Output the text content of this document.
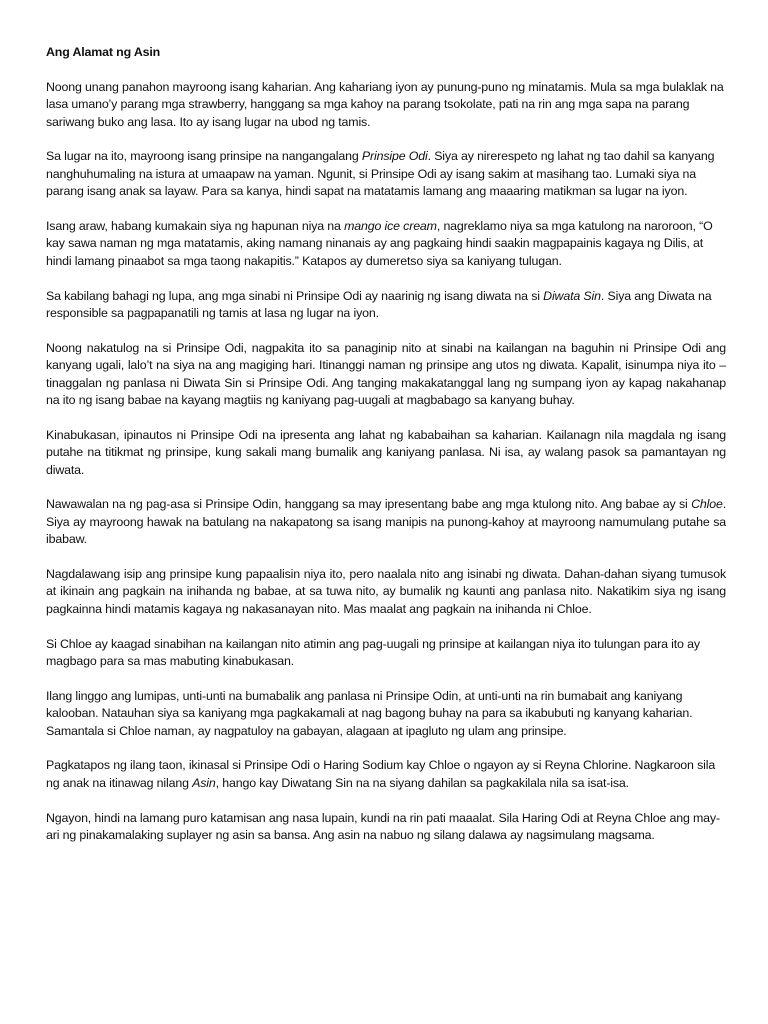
Ang Alamat ng Asin

Noong unang panahon mayroong isang kaharian. Ang kahariang iyon ay punung-puno ng minatamis. Mula sa mga bulaklak na lasa umano’y parang mga strawberry, hanggang sa mga kahoy na parang tsokolate, pati na rin ang mga sapa na parang sariwang buko ang lasa. Ito ay isang lugar na ubod ng tamis.

Sa lugar na ito, mayroong isang prinsipe na nangangalang Prinsipe Odi. Siya ay nirerespeto ng lahat ng tao dahil sa kanyang nanghuhumaling na istura at umaapaw na yaman. Ngunit, si Prinsipe Odi ay isang sakim at masihang tao. Lumaki siya na parang isang anak sa layaw. Para sa kanya, hindi sapat na matatamis lamang ang maaaring matikman sa lugar na iyon.

Isang araw, habang kumakain siya ng hapunan niya na mango ice cream, nagreklamo niya sa mga katulong na naroroon, “O kay sawa naman ng mga matatamis, aking namang ninanais ay ang pagkaing hindi saakin magpapainis kagaya ng Dilis, at hindi lamang pinaabot sa mga taong nakapitis.” Katapos ay dumeretso siya sa kaniyang tulugan.

Sa kabilang bahagi ng lupa, ang mga sinabi ni Prinsipe Odi ay naarinig ng isang diwata na si Diwata Sin. Siya ang Diwata na responsible sa pagpapanatili ng tamis at lasa ng lugar na iyon.

Noong nakatulog na si Prinsipe Odi, nagpakita ito sa panaginip nito at sinabi na kailangan na baguhin ni Prinsipe Odi ang kanyang ugali, lalo’t na siya na ang magiging hari. Itinanggi naman ng prinsipe ang utos ng diwata. Kapalit, isinumpa niya ito – tinaggalan ng panlasa ni Diwata Sin si Prinsipe Odi. Ang tanging makakatanggal lang ng sumpang iyon ay kapag nakahanap na ito ng isang babae na kayang magtiis ng kaniyang pag-uugali at magbabago sa kanyang buhay.

Kinabukasan, ipinautos ni Prinsipe Odi na ipresenta ang lahat ng kababaihan sa kaharian. Kailanagn nila magdala ng isang putahe na titikmat ng prinsipe, kung sakali mang bumalik ang kaniyang panlasa. Ni isa, ay walang pasok sa pamantayan ng diwata.

Nawawalan na ng pag-asa si Prinsipe Odin, hanggang sa may ipresentang babe ang mga ktulong nito. Ang babae ay si Chloe. Siya ay mayroong hawak na batulang na nakapatong sa isang manipis na punong-kahoy at mayroong namumulang putahe sa ibabaw.

Nagdalawang isip ang prinsipe kung papaalisin niya ito, pero naalala nito ang isinabi ng diwata. Dahan-dahan siyang tumusok at ikinain ang pagkain na inihanda ng babae, at sa tuwa nito, ay bumalik ng kaunti ang panlasa nito. Nakatikim siya ng isang pagkainna hindi matamis kagaya ng nakasanayan nito. Mas maalat ang pagkain na inihanda ni Chloe.

Si Chloe ay kaagad sinabihan na kailangan nito atimin ang pag-uugali ng prinsipe at kailangan niya ito tulungan para ito ay magbago para sa mas mabuting kinabukasan.

Ilang linggo ang lumipas, unti-unti na bumabalik ang panlasa ni Prinsipe Odin, at unti-unti na rin bumabait ang kaniyang kalooban. Natauhan siya sa kaniyang mga pagkakamali at nag bagong buhay na para sa ikabubuti ng kanyang kaharian. Samantala si Chloe naman, ay nagpatuloy na gabayan, alagaan at ipagluto ng ulam ang prinsipe.

Pagkatapos ng ilang taon, ikinasal si Prinsipe Odi o Haring Sodium kay Chloe o ngayon ay si Reyna Chlorine. Nagkaroon sila ng anak na itinawag nilang Asin, hango kay Diwatang Sin na na siyang dahilan sa pagkakilala nila sa isat-isa.

Ngayon, hindi na lamang puro katamisan ang nasa lupain, kundi na rin pati maaalat. Sila Haring Odi at Reyna Chloe ang may-ari ng pinakamalaking suplayer ng asin sa bansa. Ang asin na nabuo ng silang dalawa ay nagsimulang magsama.
